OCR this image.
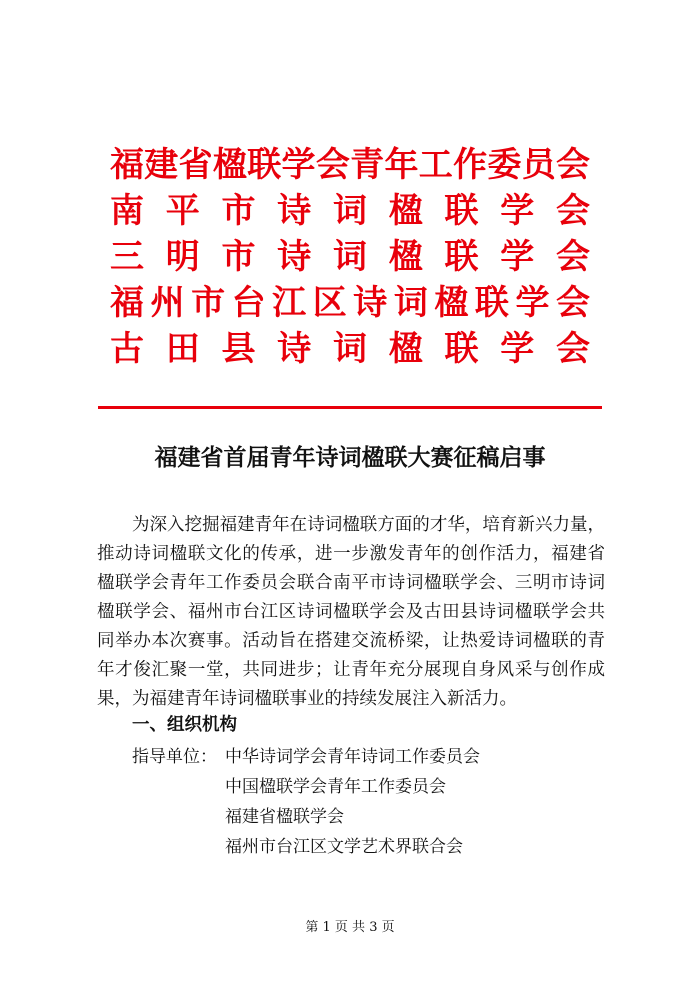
福建省楹联学会青年工作委员会
南平市诗词楹联学会
三明市诗词楹联学会
福州市台江区诗词楹联学会
古田县诗词楹联学会
福建省首届青年诗词楹联大赛征稿启事
为深入挖掘福建青年在诗词楹联方面的才华，培育新兴力量，
推动诗词楹联文化的传承，进一步激发青年的创作活力，福建省
楹联学会青年工作委员会联合南平市诗词楹联学会、三明市诗词
楹联学会、福州市台江区诗词楹联学会及古田县诗词楹联学会共
同举办本次赛事。活动旨在搭建交流桥梁，让热爱诗词楹联的青
年才俊汇聚一堂，共同进步；让青年充分展现自身风采与创作成
果，为福建青年诗词楹联事业的持续发展注入新活力。
一、组织机构
指导单位： 中华诗词学会青年诗词工作委员会
中国楹联学会青年工作委员会
福建省楹联学会
福州市台江区文学艺术界联合会
第 1 页 共 3 页
